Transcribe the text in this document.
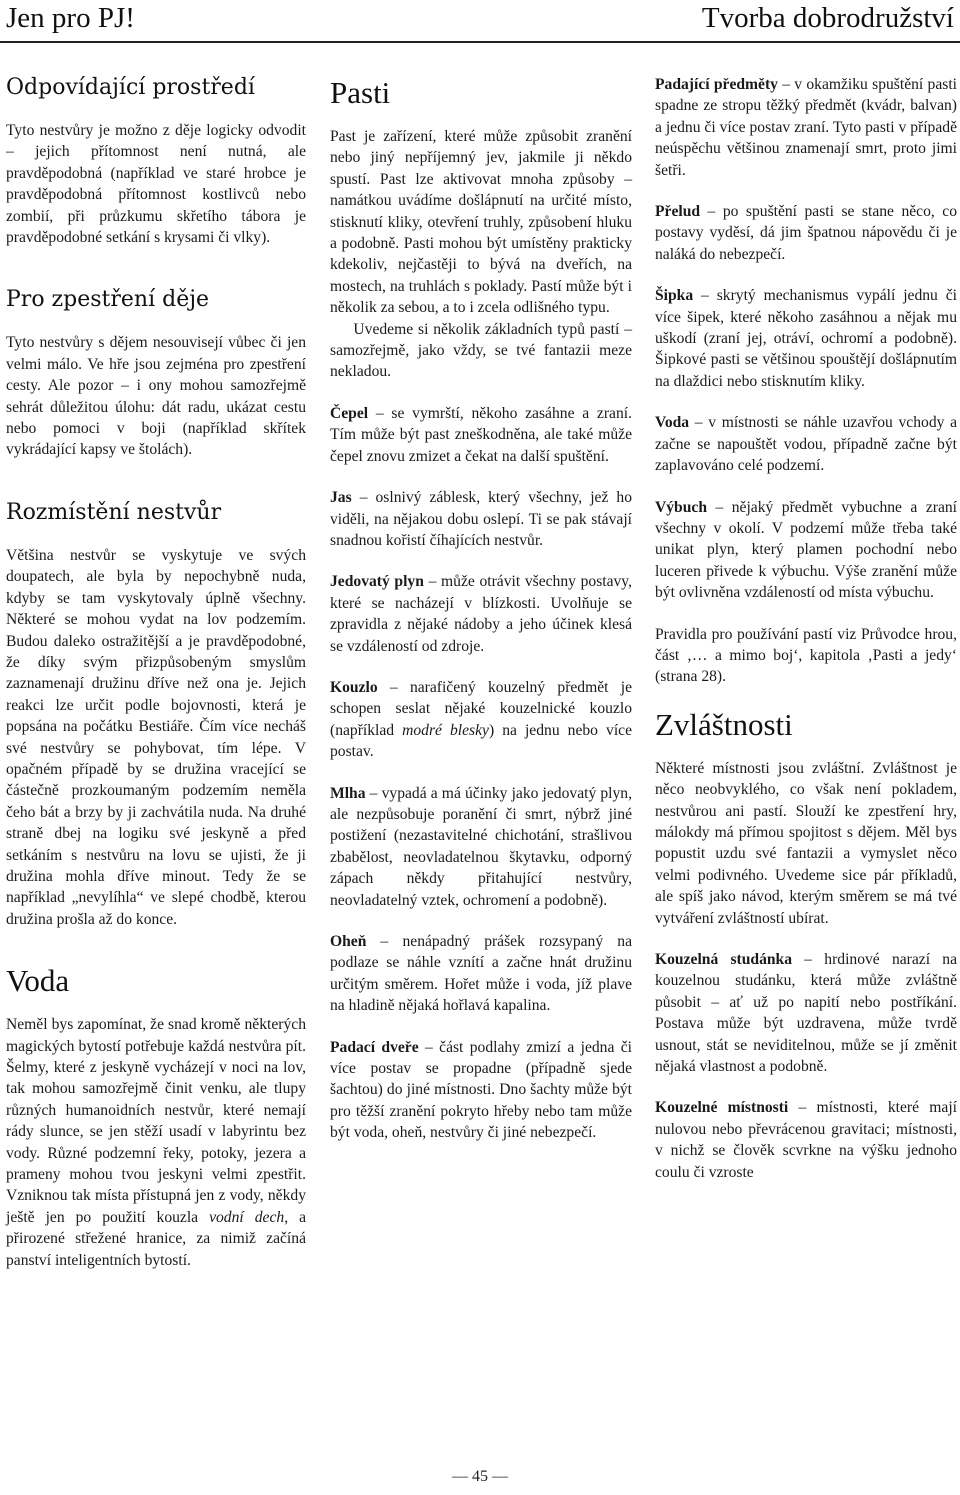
Jen pro PJ!	Tvorba dobrodružství
Odpovídající prostředí

Tyto nestvůry je možno z děje logicky odvodit – jejich přítomnost není nutná, ale pravděpodobná (například ve staré hrobce je pravděpodobná přítomnost kostlivců nebo zombií, při průzkumu skřetího tábora je pravděpodobné setkání s krysami či vlky).

Pro zpestření děje

Tyto nestvůry s dějem nesouvisejí vůbec či jen velmi málo. Ve hře jsou zejména pro zpestření cesty. Ale pozor – i ony mohou samozřejmě sehrát důležitou úlohu: dát radu, ukázat cestu nebo pomoci v boji (například skřítek vykrádající kapsy ve štolách).

Rozmístění nestvůr

Většina nestvůr se vyskytuje ve svých doupatech, ale byla by nepochybně nuda, kdyby se tam vyskytovaly úplně všechny. Některé se mohou vydat na lov podzemím. Budou daleko ostražitější a je pravděpodobné, že díky svým přizpůsobeným smyslům zaznamenají družinu dříve než ona je. Jejich reakci lze určit podle bojovnosti, která je popsána na počátku Bestiáře. Čím více necháš své nestvůry se pohybovat, tím lépe. V opačném případě by se družina vracející se částečně prozkoumaným podzemím neměla čeho bát a brzy by ji zachvátila nuda. Na druhé straně dbej na logiku své jeskyně a před setkáním s nestvůru na lovu se ujisti, že ji družina mohla dříve minout. Tedy že se například „nevylíhla“ ve slepé chodbě, kterou družina prošla až do konce.

Voda

Neměl bys zapomínat, že snad kromě některých magických bytostí potřebuje každá nestvůra pít. Šelmy, které z jeskyně vycházejí v noci na lov, tak mohou samozřejmě činit venku, ale tlupy různých humanoidních nestvůr, které nemají rády slunce, se jen stěží usadí v labyrintu bez vody. Různé podzemní řeky, potoky, jezera a prameny mohou tvou jeskyni velmi zpestřit. Vzniknou tak místa přístupná jen z vody, někdy ještě jen po použití kouzla vodní dech, a přirozené střežené hranice, za nimiž začíná panství inteligentních bytostí.

Pasti

Past je zařízení, které může způsobit zranění nebo jiný nepříjemný jev, jakmile ji někdo spustí. Past lze aktivovat mnoha způsoby – namátkou uvádíme došlápnutí na určité místo, stisknutí kliky, otevření truhly, způsobení hluku a podobně. Pasti mohou být umístěny prakticky kdekoliv, nejčastěji to bývá na dveřích, na mostech, na truhlách s poklady. Pastí může být i několik za sebou, a to i zcela odlišného typu.

Uvedeme si několik základních typů pastí – samozřejmě, jako vždy, se tvé fantazii meze nekladou.

Čepel – se vymrští, někoho zasáhne a zraní. Tím může být past zneškodněna, ale také může čepel znovu zmizet a čekat na další spuštění.

Jas – oslnivý záblesk, který všechny, jež ho viděli, na nějakou dobu oslepí. Ti se pak stávají snadnou kořistí číhajících nestvůr.

Jedovatý plyn – může otrávit všechny postavy, které se nacházejí v blízkosti. Uvolňuje se zpravidla z nějaké nádoby a jeho účinek klesá se vzdáleností od zdroje.

Kouzlo – narafičený kouzelný předmět je schopen seslat nějaké kouzelnické kouzlo (například modré blesky) na jednu nebo více postav.

Mlha – vypadá a má účinky jako jedovatý plyn, ale nezpůsobuje poranění či smrt, nýbrž jiné postižení (nezastavitelné chichotání, strašlivou zbabělost, neovladatelnou škytavku, odporný zápach někdy přitahující nestvůry, neovladatelný vztek, ochromení a podobně).

Oheň – nenápadný prášek rozsypaný na podlaze se náhle vznítí a začne hnát družinu určitým směrem. Hořet může i voda, jíž plave na hladině nějaká hořlavá kapalina.

Padací dveře – část podlahy zmizí a jedna či více postav se propadne (případně sjede šachtou) do jiné místnosti. Dno šachty může být pro těžší zranění pokryto hřeby nebo tam může být voda, oheň, nestvůry či jiné nebezpečí.

Padající předměty – v okamžiku spuštění pasti spadne ze stropu těžký předmět (kvádr, balvan) a jednu či více postav zraní. Tyto pasti v případě neúspěchu většinou znamenají smrt, proto jimi šetři.

Přelud – po spuštění pasti se stane něco, co postavy vyděsí, dá jim špatnou nápovědu či je naláká do nebezpečí.

Šipka – skrytý mechanismus vypálí jednu či více šipek, které někoho zasáhnou a nějak mu uškodí (zraní jej, otráví, ochromí a podobně). Šipkové pasti se většinou spouštějí došlápnutím na dlaždici nebo stisknutím kliky.

Voda – v místnosti se náhle uzavřou vchody a začne se napouštět vodou, případně začne být zaplavováno celé podzemí.

Výbuch – nějaký předmět vybuchne a zraní všechny v okolí. V podzemí může třeba také unikat plyn, který plamen pochodní nebo luceren přivede k výbuchu. Výše zranění může být ovlivněna vzdáleností od místa výbuchu.

Pravidla pro používání pastí viz Průvodce hrou, část ‚… a mimo boj‘, kapitola ‚Pasti a jedy‘ (strana 28).

Zvláštnosti

Některé místnosti jsou zvláštní. Zvláštnost je něco neobvyklého, co však není pokladem, nestvůrou ani pastí. Slouží ke zpestření hry, málokdy má přímou spojitost s dějem. Měl bys popustit uzdu své fantazii a vymyslet něco velmi podivného. Uvedeme sice pár příkladů, ale spíš jako návod, kterým směrem se má tvé vytváření zvláštností ubírat.

Kouzelná studánka – hrdinové narazí na kouzelnou studánku, která může zvláštně působit – ať už po napití nebo postříkání. Postava může být uzdravena, může tvrdě usnout, stát se neviditelnou, může se jí změnit nějaká vlastnost a podobně.

Kouzelné místnosti – místnosti, které mají nulovou nebo převrácenou gravitaci; místnosti, v nichž se člověk scvrkne na výšku jednoho coulu či vzroste

— 45 —
